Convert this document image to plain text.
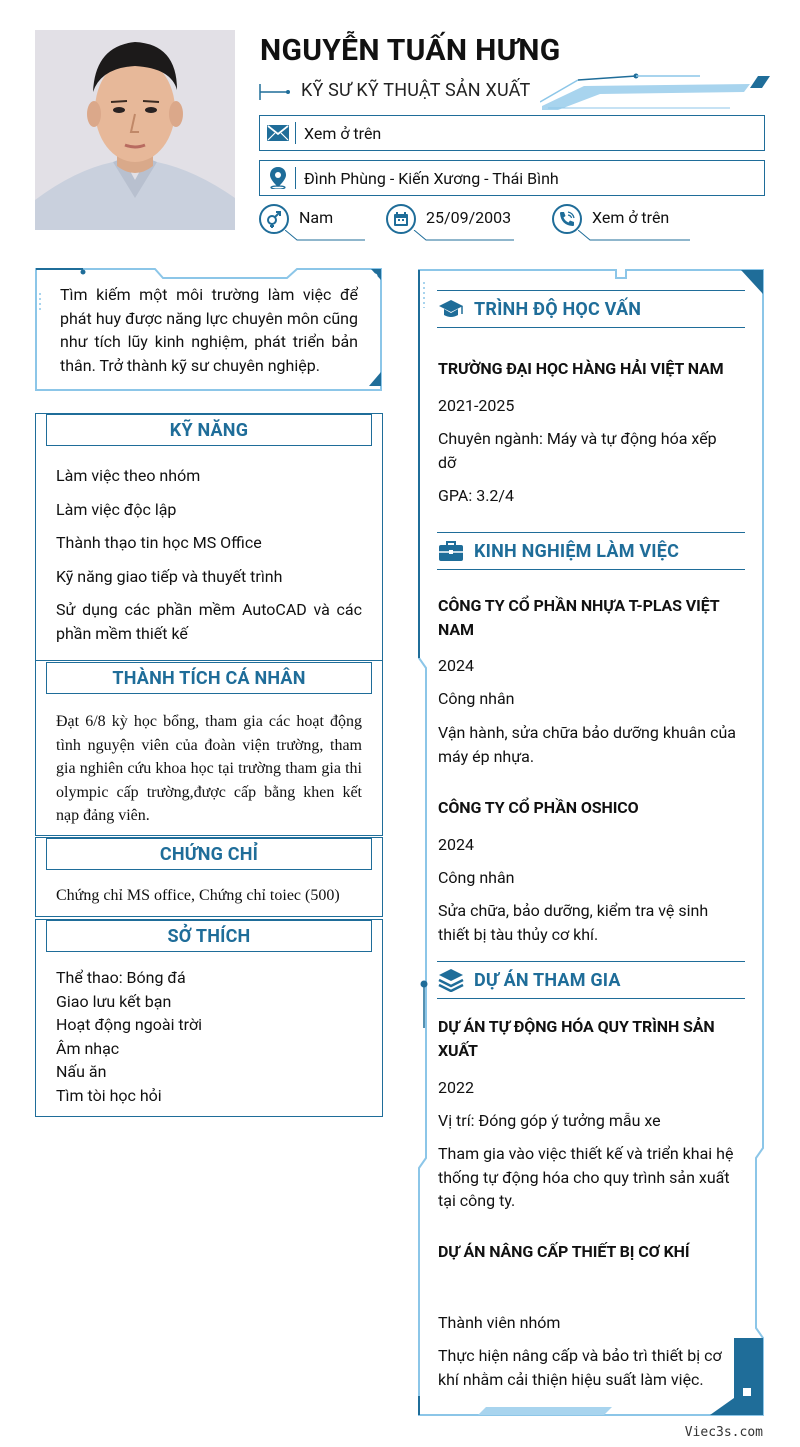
NGUYỄN TUẤN HƯNG
KỸ SƯ KỸ THUẬT SẢN XUẤT
Xem ở trên
Đình Phùng - Kiến Xương - Thái Bình
Nam	25/09/2003	Xem ở trên
Tìm kiếm một môi trường làm việc để phát huy được năng lực chuyên môn cũng như tích lũy kinh nghiệm, phát triển bản thân. Trở thành kỹ sư chuyên nghiệp.
KỸ NĂNG
Làm việc theo nhóm
Làm việc độc lập
Thành thạo tin học MS Office
Kỹ năng giao tiếp và thuyết trình
Sử dụng các phần mềm AutoCAD và các phần mềm thiết kế
THÀNH TÍCH CÁ NHÂN
Đạt 6/8 kỳ học bổng, tham gia các hoạt động tình nguyện viên của đoàn viện trường, tham gia nghiên cứu khoa học tại trường tham gia thi olympic cấp trường,được cấp bằng khen kết nạp đảng viên.
CHỨNG CHỈ
Chứng chỉ MS office, Chứng chỉ toiec (500)
SỞ THÍCH
Thể thao: Bóng đá
Giao lưu kết bạn
Hoạt động ngoài trời
Âm nhạc
Nấu ăn
Tìm tòi học hỏi
TRÌNH ĐỘ HỌC VẤN
TRƯỜNG ĐẠI HỌC HÀNG HẢI VIỆT NAM
2021-2025
Chuyên ngành: Máy và tự động hóa xếp dỡ
GPA: 3.2/4
KINH NGHIỆM LÀM VIỆC
CÔNG TY CỔ PHẦN NHỰA T-PLAS VIỆT NAM
2024
Công nhân
Vận hành, sửa chữa bảo dưỡng khuân của máy ép nhựa.
CÔNG TY CỔ PHẦN OSHICO
2024
Công nhân
Sửa chữa, bảo dưỡng, kiểm tra vệ sinh thiết bị tàu thủy cơ khí.
DỰ ÁN THAM GIA
DỰ ÁN TỰ ĐỘNG HÓA QUY TRÌNH SẢN XUẤT
2022
Vị trí: Đóng góp ý tưởng mẫu xe
Tham gia vào việc thiết kế và triển khai hệ thống tự động hóa cho quy trình sản xuất tại công ty.
DỰ ÁN NÂNG CẤP THIẾT BỊ CƠ KHÍ
Thành viên nhóm
Thực hiện nâng cấp và bảo trì thiết bị cơ khí nhằm cải thiện hiệu suất làm việc.
Viec3s.com
